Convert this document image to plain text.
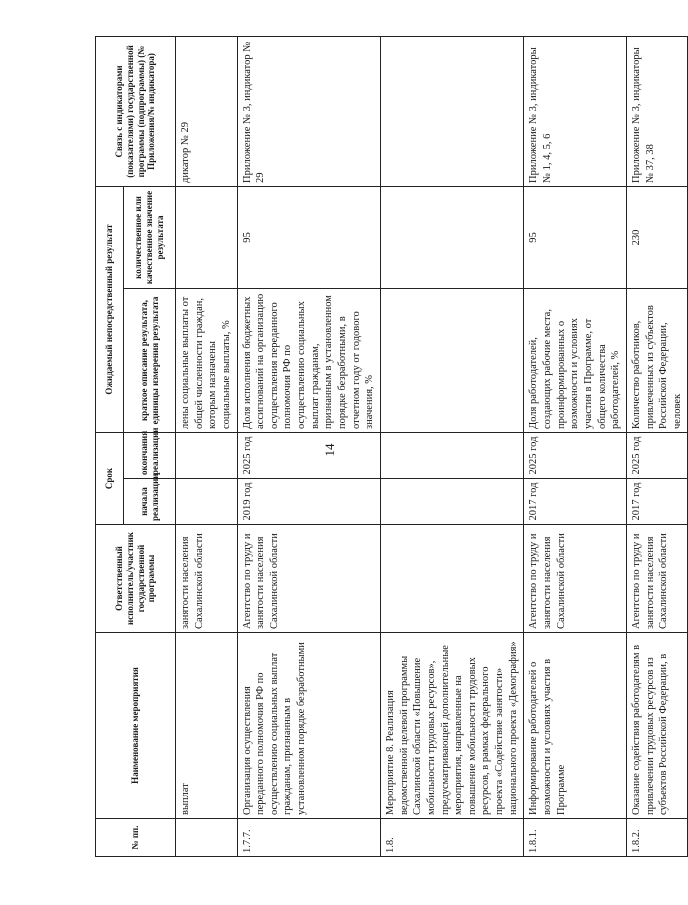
14
№ пп.	Наименование мероприятия	Ответственный исполнитель/участник государственной программы	Срок		Ожидаемый непосредственный результат		Связь с индикаторами (показателями) государственной программы (подпрограммы) (№ Приложения/№ индикатора)
			начала реализации	окончания реализации	краткое описание результата, единицы измерения результата	количественное или качественное значение результата	
	выплат	занятости населения Сахалинской области			лены социальные выплаты от общей численности граждан, которым назначены социальные выплаты, %		дикатор № 29
1.7.7.	Организация осуществления переданного полномочия РФ по осуществлению социальных выплат гражданам, признанным в установленном порядке безработными	Агентство по труду и занятости населения Сахалинской области	2019 год	2025 год	Доля исполнения бюджетных ассигнований на организацию осуществления переданного полномочия РФ по осуществлению социальных выплат гражданам, признанным в установленном порядке безработными, в отчетном году от годового значения, %	95	Приложение № 3, индикатор № 29
1.8.	Мероприятие 8. Реализация ведомственной целевой программы Сахалинской области «Повышение мобильности трудовых ресурсов», предусматривающей дополнительные мероприятия, направленные на повышение мобильности трудовых ресурсов, в рамках федерального проекта «Содействие занятости» национального проекта «Демография»						
1.8.1.	Информирование работодателей о возможности и условиях участия в Программе	Агентство по труду и занятости населения Сахалинской области	2017 год	2025 год	Доля работодателей, создающих рабочие места, проинформированных о возможности и условиях участия в Программе, от общего количества работодателей, %	95	Приложение № 3, индикаторы № 1, 4, 5, 6
1.8.2.	Оказание содействия работодателям в привлечении трудовых ресурсов из субъектов Российской Федерации, в	Агентство по труду и занятости населения Сахалинской области	2017 год	2025 год	Количество работников, привлеченных из субъектов Российской Федерации, человек	230	Приложение № 3, индикаторы № 37, 38
